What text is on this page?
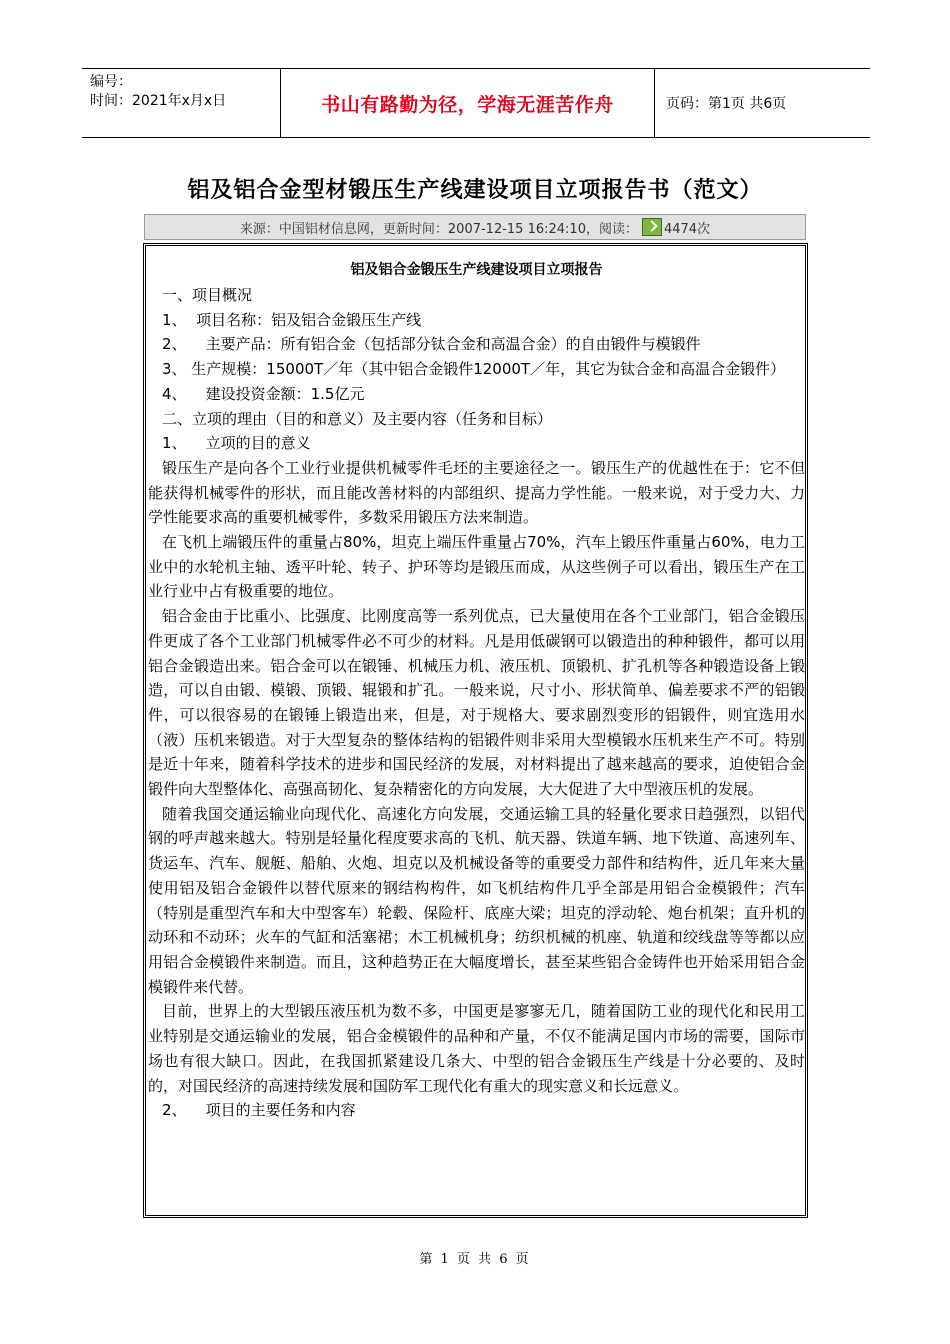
编号：
时间：2021年x月x日	书山有路勤为径，学海无涯苦作舟	页码：第1页 共6页
铝及铝合金型材锻压生产线建设项目立项报告书（范文）
来源：中国铝材信息网，更新时间：2007-12-15 16:24:10，阅读： 4474次
铝及铝合金锻压生产线建设项目立项报告
一、项目概况
1、  项目名称：铝及铝合金锻压生产线
2、    主要产品：所有铝合金（包括部分钛合金和高温合金）的自由锻件与模锻件

3、 生产规模：15000T／年（其中铝合金锻件12000T／年，其它为钛合金和高温合金锻件）

4、    建设投资金额：1.5亿元
二、立项的理由（目的和意义）及主要内容（任务和目标）
1、    立项的目的意义

锻压生产是向各个工业行业提供机械零件毛坯的主要途径之一。锻压生产的优越性在于：它不但能获得机械零件的形状，而且能改善材料的内部组织、提高力学性能。一般来说，对于受力大、力学性能要求高的重要机械零件，多数采用锻压方法来制造。

在飞机上端锻压件的重量占80%，坦克上端压件重量占70%，汽车上锻压件重量占60%，电力工业中的水轮机主轴、透平叶轮、转子、护环等均是锻压而成，从这些例子可以看出，锻压生产在工业行业中占有极重要的地位。

铝合金由于比重小、比强度、比刚度高等一系列优点，已大量使用在各个工业部门，铝合金锻压件更成了各个工业部门机械零件必不可少的材料。凡是用低碳钢可以锻造出的种种锻件，都可以用铝合金锻造出来。铝合金可以在锻锤、机械压力机、液压机、顶锻机、扩孔机等各种锻造设备上锻造，可以自由锻、模锻、顶锻、辊锻和扩孔。一般来说，尺寸小、形状简单、偏差要求不严的铝锻件，可以很容易的在锻锤上锻造出来，但是，对于规格大、要求剧烈变形的铝锻件，则宜选用水（液）压机来锻造。对于大型复杂的整体结构的铝锻件则非采用大型模锻水压机来生产不可。特别是近十年来，随着科学技术的进步和国民经济的发展，对材料提出了越来越高的要求，迫使铝合金锻件向大型整体化、高强高韧化、复杂精密化的方向发展，大大促进了大中型液压机的发展。

随着我国交通运输业向现代化、高速化方向发展，交通运输工具的轻量化要求日趋强烈，以铝代钢的呼声越来越大。特别是轻量化程度要求高的飞机、航天器、铁道车辆、地下铁道、高速列车、货运车、汽车、舰艇、船舶、火炮、坦克以及机械设备等的重要受力部件和结构件，近几年来大量使用铝及铝合金锻件以替代原来的钢结构构件，如飞机结构件几乎全部是用铝合金模锻件；汽车（特别是重型汽车和大中型客车）轮毂、保险杆、底座大梁；坦克的浮动轮、炮台机架；直升机的动环和不动环；火车的气缸和活塞裙；木工机械机身；纺织机械的机座、轨道和绞线盘等等都以应用铝合金模锻件来制造。而且，这种趋势正在大幅度增长，甚至某些铝合金铸件也开始采用铝合金模锻件来代替。

目前，世界上的大型锻压液压机为数不多，中国更是寥寥无几，随着国防工业的现代化和民用工业特别是交通运输业的发展，铝合金模锻件的品种和产量，不仅不能满足国内市场的需要，国际市场也有很大缺口。因此，在我国抓紧建设几条大、中型的铝合金锻压生产线是十分必要的、及时的，对国民经济的高速持续发展和国防军工现代化有重大的现实意义和长远意义。

2、    项目的主要任务和内容
第 1 页 共 6 页
